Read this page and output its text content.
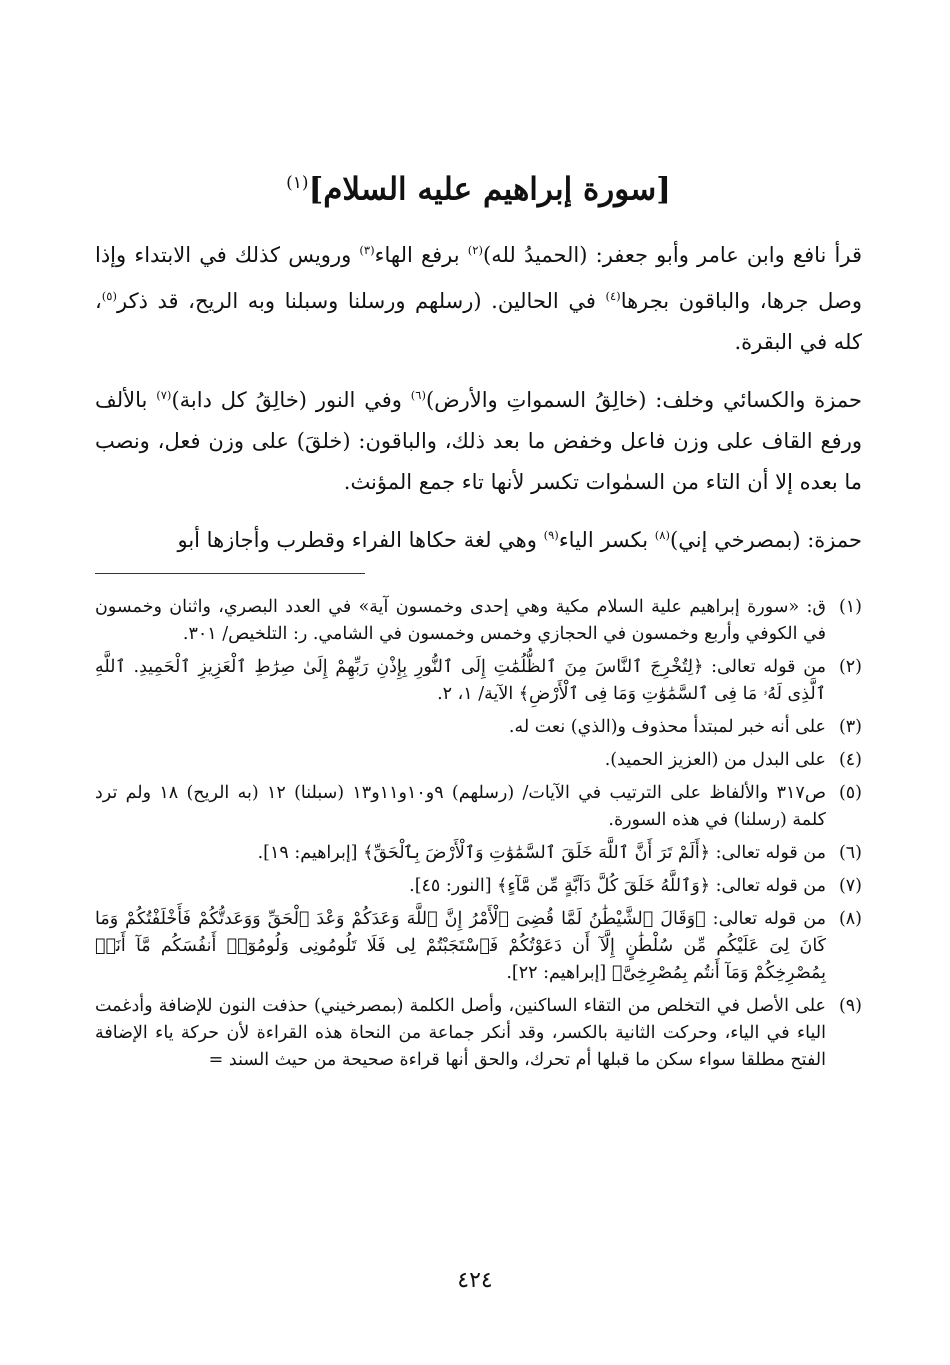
[سورة إبراهيم عليه السلام]$^{(١)}$

قرأ نافع وابن عامر وأبو جعفر: (الحميدُ لله)$^{(٢)}$ برفع الهاء$^{(٣)}$ ورويس كذلك في الابتداء وإذا وصل جرها، والباقون بجرها$^{(٤)}$ في الحالين. (رسلهم ورسلنا وسبلنا وبه الريح، قد ذكر$^{(٥)}$، كله في البقرة.

حمزة والكسائي وخلف: (خالِقُ السمواتِ والأرض)$^{(٦)}$ وفي النور (خالِقُ كل دابة)$^{(٧)}$ بالألف ورفع القاف على وزن فاعل وخفض ما بعد ذلك، والباقون: (خلقَ) على وزن فعل، ونصب ما بعده إلا أن التاء من السمٰوات تكسر لأنها تاء جمع المؤنث.

حمزة: (بمصرخي إني)$^{(٨)}$ بكسر الياء$^{(٩)}$ وهي لغة حكاها الفراء وقطرب وأجازها أبو

(١)
ق: «سورة إبراهيم علية السلام مكية وهي إحدى وخمسون آية» في العدد البصري، واثنان وخمسون في الكوفي وأربع وخمسون في الحجازي وخمس وخمسون في الشامي. ر: التلخيص/ ٣٠١.
(٢)
من قوله تعالى: ﴿لِتُخْرِجَ ٱلنَّاسَ مِنَ ٱلظُّلُمَٰتِ إِلَى ٱلنُّورِ بِإِذْنِ رَبِّهِمْ إِلَىٰ صِرَٰطِ ٱلْعَزِيزِ ٱلْحَمِيدِ. ٱللَّهِ ٱلَّذِى لَهُۥ مَا فِى ٱلسَّمَٰوَٰتِ وَمَا فِى ٱلْأَرْضِ﴾ الآية/ ١، ٢.
(٣)
على أنه خبر لمبتدأ محذوف و(الذي) نعت له.
(٤)
على البدل من (العزيز الحميد).
(٥)
ص٣١٧ والألفاظ على الترتيب في الآيات/ (رسلهم) ٩و١٠و١١و١٣ (سبلنا) ١٢ (به الريح) ١٨ ولم ترد كلمة (رسلنا) في هذه السورة.
(٦)
من قوله تعالى: ﴿أَلَمْ تَرَ أَنَّ ٱللَّهَ خَلَقَ ٱلسَّمَٰوَٰتِ وَٱلْأَرْضَ بِٱلْحَقِّ﴾ [إبراهيم: ١٩].
(٧)
من قوله تعالى: ﴿وَٱللَّهُ خَلَقَ كُلَّ دَآبَّةٍ مِّن مَّآءٍ﴾ [النور: ٤٥].
(٨)
من قوله تعالى: ﴿وَقَالَ ٱلشَّيْطَٰنُ لَمَّا قُضِىَ ٱلْأَمْرُ إِنَّ ٱللَّهَ وَعَدَكُمْ وَعْدَ ٱلْحَقِّ وَوَعَدتُّكُمْ فَأَخْلَفْتُكُمْ وَمَا كَانَ لِىَ عَلَيْكُم مِّن سُلْطَٰنٍ إِلَّآ أَن دَعَوْتُكُمْ فَٱسْتَجَبْتُمْ لِى فَلَا تَلُومُونِى وَلُومُوٓا۟ أَنفُسَكُم مَّآ أَنَا۠ بِمُصْرِخِكُمْ وَمَآ أَنتُم بِمُصْرِخِىَّ﴾ [إبراهيم: ٢٢].
(٩)
على الأصل في التخلص من التقاء الساكنين، وأصل الكلمة (بمصرخيني) حذفت النون للإضافة وأدغمت الياء في الياء، وحركت الثانية بالكسر، وقد أنكر جماعة من النحاة هذه القراءة لأن حركة ياء الإضافة الفتح مطلقا سواء سكن ما قبلها أم تحرك، والحق أنها قراءة صحيحة من حيث السند =
٤٢٤
